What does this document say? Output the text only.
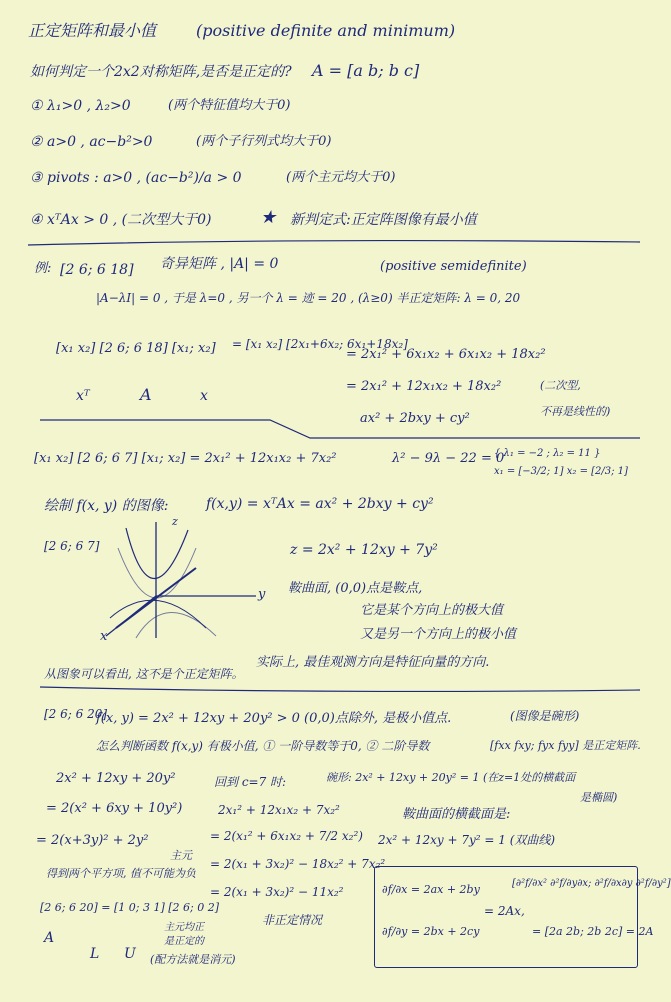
正定矩阵和最小值 (positive definite and minimum)
如何判定一个2x2对称矩阵,是否是正定的? A = [a b; b c]
① λ₁>0 , λ₂>0	(两个特征值均大于0)
② a>0 , ac−b²>0	(两个子行列式均大于0)
③ pivots : a>0 , (ac−b²)/a > 0	(两个主元均大于0)
④ xᵀAx > 0 , (二次型大于0)	★ 新判定式:正定阵图像有最小值
例: [2 6; 6 18] 奇异矩阵 , |A| = 0	(positive semidefinite)
|A−λI| = 0 , 于是 λ=0 , 另一个 λ = 迹 = 20 , (λ≥0) 半正定矩阵: λ = 0, 20
[x₁ x₂] [2 6; 6 18] [x₁; x₂] = [x₁ x₂] [2x₁+6x₂; 6x₁+18x₂]
= 2x₁² + 6x₁x₂ + 6x₁x₂ + 18x₂²
= 2x₁² + 12x₁x₂ + 18x₂²
ax² + 2bxy + cy²
xᵀ	A	x
(二次型,
不再是线性的)
[x₁ x₂] [2 6; 6 7] [x₁; x₂] = 2x₁² + 12x₁x₂ + 7x₂²	λ² − 9λ − 22 = 0
{ λ₁ = −2 ; λ₂ = 11 }
x₁ = [−3/2; 1] x₂ = [2/3; 1]
绘制 f(x, y) 的图像:	f(x,y) = xᵀAx = ax² + 2bxy + cy²
[2 6; 6 7]	z = 2x² + 12xy + 7y²
鞍曲面, (0,0)点是鞍点,
它是某个方向上的极大值
又是另一个方向上的极小值
实际上, 最佳观测方向是特征向量的方向.
从图象可以看出, 这不是个正定矩阵。
z
y
x
[2 6; 6 20]
f(x, y) = 2x² + 12xy + 20y² > 0 (0,0)点除外, 是极小值点.	(图像是碗形)
怎么判断函数 f(x,y) 有极小值, ① 一阶导数等于0, ② 二阶导数	[fxx fxy; fyx fyy] 是正定矩阵.
2x² + 12xy + 20y²
= 2(x² + 6xy + 10y²)
= 2(x+3y)² + 2y²
主元
得到两个平方项, 值不可能为负
[2 6; 6 20] = [1 0; 3 1] [2 6; 0 2]
A
L U
主元均正
是正定的
(配方法就是消元)
回到 c=7 时:
2x₁² + 12x₁x₂ + 7x₂²
= 2(x₁² + 6x₁x₂ + 7/2 x₂²)
= 2(x₁ + 3x₂)² − 18x₂² + 7x₂²
= 2(x₁ + 3x₂)² − 11x₂²
非正定情况
碗形: 2x² + 12xy + 20y² = 1 (在z=1处的横截面
是椭圆)
鞍曲面的横截面是:
2x² + 12xy + 7y² = 1 (双曲线)
∂f/∂x = 2ax + 2by
∂f/∂y = 2bx + 2cy
= 2Ax,
[∂²f/∂x² ∂²f/∂y∂x; ∂²f/∂x∂y ∂²f/∂y²]
= [2a 2b; 2b 2c] = 2A
